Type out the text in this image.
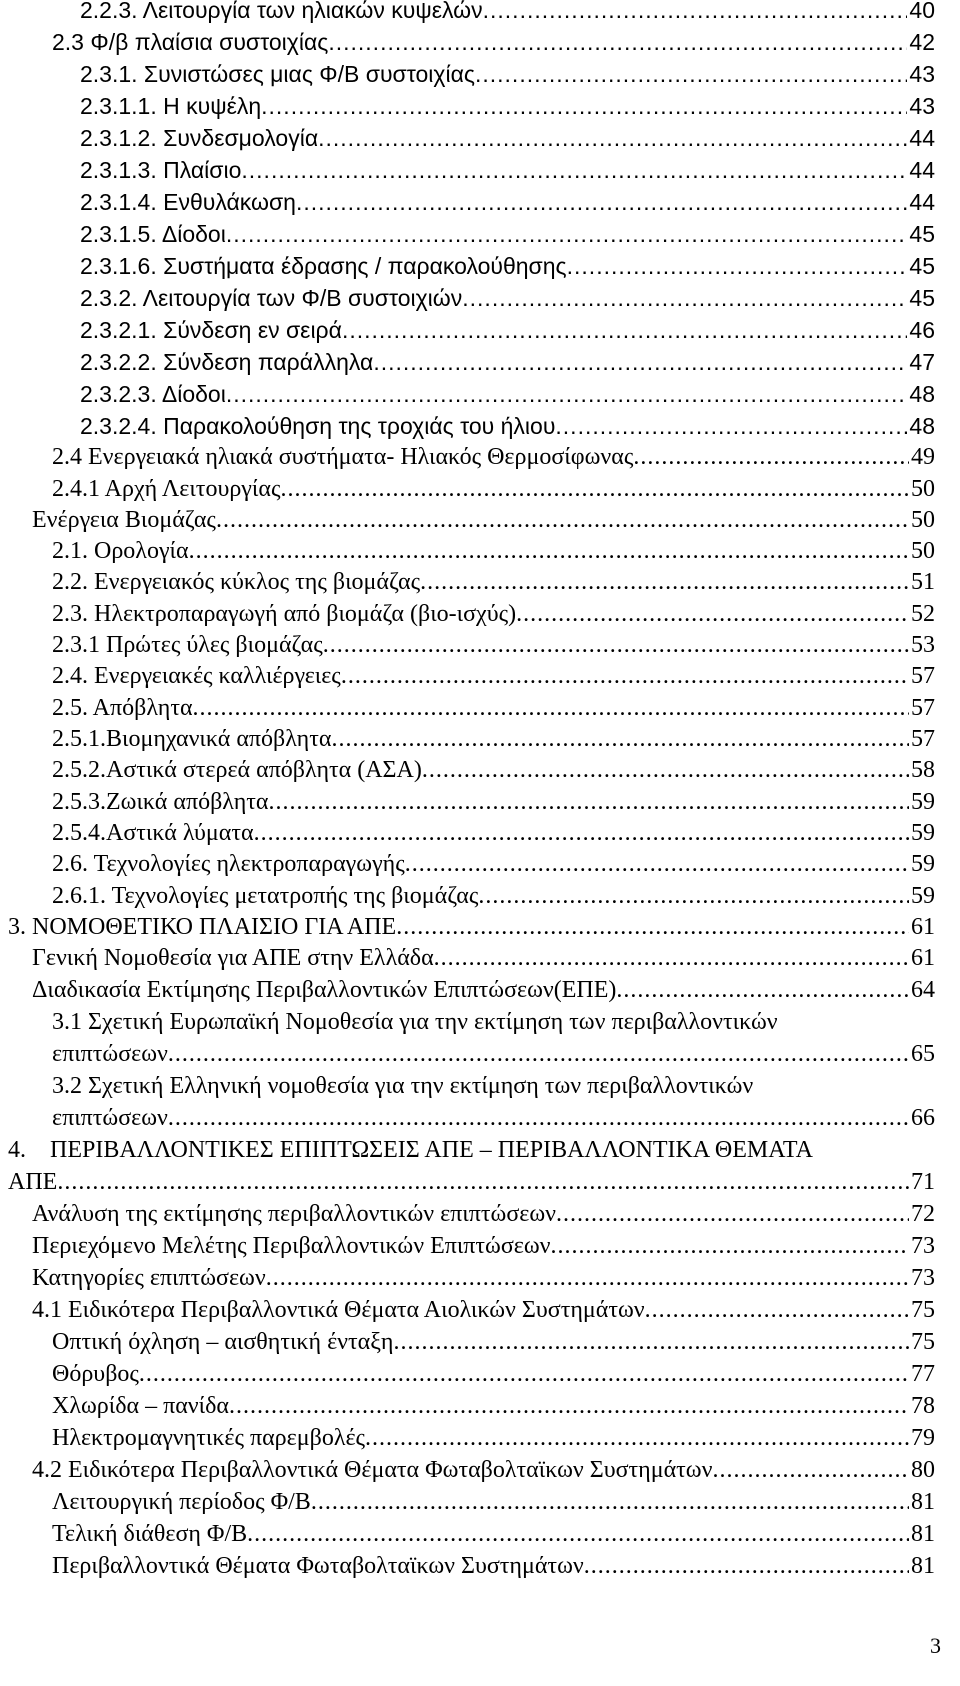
2.2.3. Λειτουργία των ηλιακών κυψελών .....	40
2.3 Φ/β πλαίσια συστοιχίας .....	42
2.3.1. Συνιστώσες μιας Φ/Β συστοιχίας .....	43
2.3.1.1. Η κυψέλη .....	43
2.3.1.2. Συνδεσμολογία .....	44
2.3.1.3. Πλαίσιο .....	44
2.3.1.4. Ενθυλάκωση .....	44
2.3.1.5. Δίοδοι .....	45
2.3.1.6. Συστήματα έδρασης / παρακολούθησης .....	45
2.3.2. Λειτουργία των Φ/Β συστοιχιών .....	45
2.3.2.1. Σύνδεση εν σειρά .....	46
2.3.2.2. Σύνδεση παράλληλα .....	47
2.3.2.3. Δίοδοι .....	48
2.3.2.4. Παρακολούθηση της τροχιάς του ήλιου .....	48
2.4 Ενεργειακά ηλιακά συστήματα- Ηλιακός Θερμοσίφωνας .....	49
2.4.1 Αρχή Λειτουργίας .....	50
Ενέργεια Βιομάζας .....	50
2.1. Ορολογία .....	50
2.2. Ενεργειακός κύκλος της βιομάζας .....	51
2.3. Ηλεκτροπαραγωγή από βιομάζα (βιο-ισχύς) .....	52
2.3.1 Πρώτες ύλες βιομάζας .....	53
2.4. Ενεργειακές καλλιέργειες .....	57
2.5. Απόβλητα .....	57
2.5.1.Βιομηχανικά απόβλητα .....	57
2.5.2.Αστικά στερεά απόβλητα (ΑΣΑ) .....	58
2.5.3.Ζωικά απόβλητα .....	59
2.5.4.Αστικά λύματα .....	59
2.6. Τεχνολογίες ηλεκτροπαραγωγής .....	59
2.6.1. Τεχνολογίες μετατροπής της βιομάζας .....	59
3. ΝΟΜΟΘΕΤΙΚΟ ΠΛΑΙΣΙΟ ΓΙΑ ΑΠΕ .....	61
Γενική Νομοθεσία για ΑΠΕ στην Ελλάδα .....	61
Διαδικασία Εκτίμησης Περιβαλλοντικών Επιπτώσεων(ΕΠΕ) .....	64
3.1 Σχετική Ευρωπαϊκή Νομοθεσία για την εκτίμηση των περιβαλλοντικών
επιπτώσεων .....	65
3.2 Σχετική Ελληνική νομοθεσία για την εκτίμηση των περιβαλλοντικών
επιπτώσεων .....	66
4.    ΠΕΡΙΒΑΛΛΟΝΤΙΚΕΣ ΕΠΙΠΤΩΣΕΙΣ ΑΠΕ – ΠΕΡΙΒΑΛΛΟΝΤΙΚΑ ΘΕΜΑΤΑ
ΑΠΕ .....	71
Ανάλυση της εκτίμησης περιβαλλοντικών επιπτώσεων .....	72
Περιεχόμενο Μελέτης Περιβαλλοντικών Επιπτώσεων .....	73
Κατηγορίες επιπτώσεων .....	73
4.1 Ειδικότερα Περιβαλλοντικά Θέματα Αιολικών Συστημάτων .....	75
Οπτική όχληση – αισθητική ένταξη .....	75
Θόρυβος .....	77
Χλωρίδα – πανίδα .....	78
Ηλεκτρομαγνητικές παρεμβολές .....	79
4.2 Ειδικότερα Περιβαλλοντικά Θέματα Φωταβολταϊκων Συστημάτων .....	80
Λειτουργική περίοδος Φ/Β .....	81
Τελική διάθεση Φ/Β .....	81
Περιβαλλοντικά Θέματα Φωταβολταϊκων Συστημάτων .....	81
3
